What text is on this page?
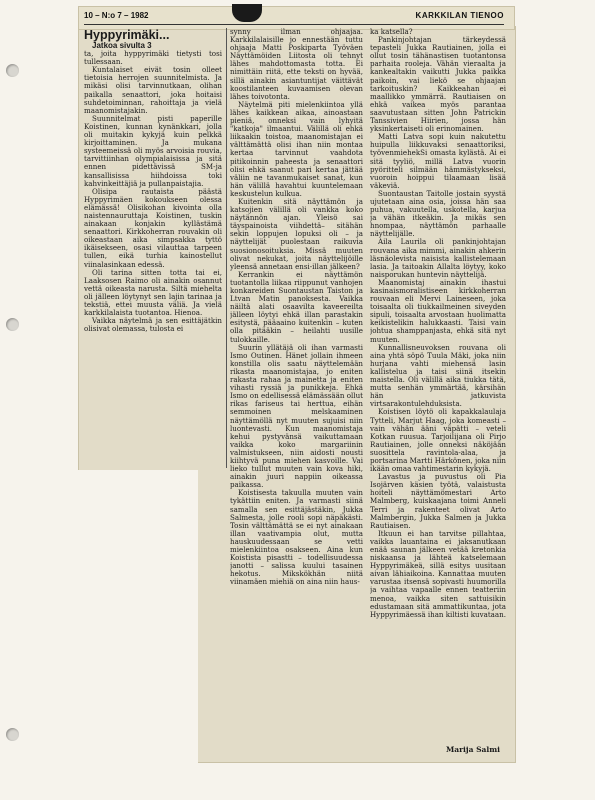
10 – N:o 7 – 1982	KARKKILAN TIENOO

Hyppyrimäki...

Jatkoa sivulta 3

ta, joita hyppyrimäki tietysti tosi tullessaan.

Kuntalaiset eivät tosin olleet tietoisia herrojen suunnitelmista. Ja mikäsi olisi tarvinnutkaan, olihan paikalla senaattori, joka hoitaisi suhdetoiminnan, rahoittaja ja vielä maanomistajakin.

Suunnitelmat pisti paperille Koistinen, kunnan kynänkkari, jolla oli muitakin kykyjä kuin pelkkä kirjoittaminen. Ja mukana systeemeissä oli myös arvoisia rouvia, tarvittiinhan olympialaisissa ja sitä ennen pidettävissä SM-ja kansallisissa hiihdoissa toki kahvinkeittäjiä ja pullanpaistajia.

Olisipa rautaista päästä Hyppyrimäen kokoukseen olessa elämässä! Olisikohan kivointa olla naistennauruttaja Koistinen, tuskin ainakaan konjakin kyllästämä senaattori. Kirkkoherran rouvakin oli oikeastaan aika simpsakka tyttö ikäisekseen, osasi vilauttaa tarpeen tullen, eikä turhia kainostellut viinalasinkaan edessä.

Oli tarina sitten totta tai ei, Laaksosen Raimo oli ainakin osannut vettä oikeasta narusta. Siltä miehelta oli jälleen löytynyt sen lajin tarinaa ja tekstiä, ettei muusta väliä. Ja vielä karkkilalaista tuotantoa. Hienoa.

Vaikka näytelmä ja sen esittäjätkin olisivat olemassa, tulosta ei

synny ilman ohjaajaa. Karkkilalaisille jo ennestään tuttu ohjaaja Matti Poskiparta Työväen Näyttämöiden Liitosta oli tehnyt lähes mahdottomasta totta. Ei nimittäin riitä, ette teksti on hyvää, sillä ainakin asiantuntijat väittävät koostilanteen kuvaamisen olevan lähes toivotonta.

Näytelmä piti mielenkiintoa yllä lähes kaikkean aikaa, ainoastaan pieniä, onneksi vain lyhyitä "katkoja" ilmaantui. Välillä oli ehkä liikaakin toistoa, maanomistajan ei välttämättä olisi ihan niin montaa kertaa tarvinnut vaahdota pitikoinnin paheesta ja senaattori olisi ehkä saanut pari kertaa jättää väliin ne tavanmukaiset sanat, kun hän välillä havahtui kuuntelemaan keskustelun kulkua.

Kuitenkin sitä näyttämön ja katsojien välillä oli vankka koko näytännön ajan. Yleisö sai täyspainoista viihdettä– sitähän sekin loppujen lopuksi oli – ja näyttelijät puolestaan raikuvia suosionosoituksia. Missä muuten olivat nekukat, joita näyttelijöille yleensä annetaan ensi-illan jälkeen?

Kerrankin ei näyttämön tuotantolla liikaa riippunut vanhojen konkareiden Suontaustan Taiston ja Ltvan Matin panoksesta. Vaikka näiltä alati osaavilta kaveereilta jälleen löytyi ehkä illan parastakin esitystä, pääaaino kuitenkin – kuten olla pitääkin – heilahti uusille tulokkaille.

Suurin yllätäjä oli ihan varmasti Ismo Outinen. Hänet jollain ihmeen konstilla olis saatu näyttelemään rikasta maanomistajaa, jo eniten rakasta rahaa ja mainetta ja eniten vihasti ryssiä ja punikkeja. Ehkä Ismo on edellisessä elämässään ollut rikas fariseus tai herttua, eihän semmoinen melskaaminen näyttämöllä nyt muuten sujuisi niin luontevasti. Kun maanomistaja kehui pystyvänsä vaikuttamaan vaikka koko margariinin valmistukseen, niin aidosti nousti kiihtyvä puna miehen kasvoille. Vai lieko tullut muuten vain kova hiki, ainakin juuri nappiin oikeassa paikassa.

Koistisesta takuulla muuten vain tykättiin eniten. Ja varmasti siinä samalla sen esittäjästäkin, Jukka Salmesta, jolle rooli sopi näpäkästi. Tosin välttämättä se ei nyt ainakaan illan vaativampia olut, mutta hauskuudessaan se vetti mielenkiintoa osakseen. Aina kun Koistista pisastti – todellisuudessa janotti – salissa kuului tasainen hekotus. Mikskökhän niitä viinamäen miehiä on aina niin haus-

ka katsella?

Pankinjohtajan tärkeydessä tepasteli Jukka Rautiainen, jolla ei ollut tosin tähänastisen tuotantonsa parhaita rooleja. Vähän vieraalta ja kankealtakin vaikutti Jukka paikka paikoin, vai liekö se ohjaajan tarkoituskin? Kaikkeahan ei maallikko ymmärrä. Rautiaisen on ehkä vaikea myös parantaa saavutustaan sitten John Patrickin Tanssivien Hiirien, jossa hän yksinkertaiseti oli erinomainen.

Matti Latva sopi kuin nakutettu huipulla liikkuvaksi senaattoriksi, työvenmiehekSi omasta kylästä. Ai ei sitä tyyliö, millä Latva vuorin pyöritteli silmään hämmästykseksi, vuoroin hoippui tilaamaan lisää väkeviä.

Suontaustan Taitolle jostain syystä ujutetaan aina osia, joissa hän saa puhua, vakuutella, uskotella, karjua ja vähän itkeäkin. Ja mikäs sen hnompaa, näyttämön parhaalle näyttelijälle.

Aila Laurila oli pankinjohtajan rouvana aika mimmi, ainakin ahkerin läsnäolevista naisista kallistelemaan lasia. Ja taitoakin Allalta löytyy, koko naisporukan huntevin näyttelijä.

Maanomistaj ainakin ihastui kasinaismoralistiseen kirkkoherran rouvaan eli Mervi Laineseen, joka toisaalta oli tiukkailmeinen siveyden sipuli, toisaalta arvostaan huolimatta keikistelikin halukkaasti. Taisi vain johtua shamppanjasta, ehkä sitä nyt muuten.

Kunnallisneuvoksen rouvana oli aina yhtä söpö Tuula Mäki, joka niin hurjana vahti miehensä lasin kallistelua ja taisi siinä itsekin maistella. Oli välillä aika tiukka tätä, mutta senhän ymmärtää, kärsihän hän jatkuvista virtsarakontulehduksista.

Koistisen löytö oli kapakkalaulaja Tytteli, Marjut Haag, joka komeasti – vain vähän ääni väpätti – veteli Kotkan ruusua. Tarjoilijana oli Pirjo Rautiainen, jolle onneksi näköjään suosittela ravintola-alaa, ja portsarina Martti Härkönen, joka niin ikään omaa vahtimestarin kykyjä.

Lavastus ja puvustus oli Pia Isojärven käsien työtä, valaistusta hoiteli näyttämömestari Arto Malmberg, kuiskaajana toimi Anneli Terri ja rakenteet olivat Arto Malmbergin, Jukka Salmen ja Jukka Rautiaisen.

Itkuun ei han tarvitse pillahtaa, vaikka lauantaina ei jaksanutkaan enää saunan jälkeen vetää kretonkia niskaansa ja lähteä katselemaan Hyppyrimäkeä, sillä esitys uusitaan aivan lähiaikoina. Kannattaa muuten varustaa itsensä sopivasti huumorilla ja vaihtaa vapaalle ennen teatteriin menoa, vaikka siten sattuisikin edustamaan sitä ammattikuntaa, jota Hyppyrimäessä ihan kiltisti kuvataan.

Marija Salmi
